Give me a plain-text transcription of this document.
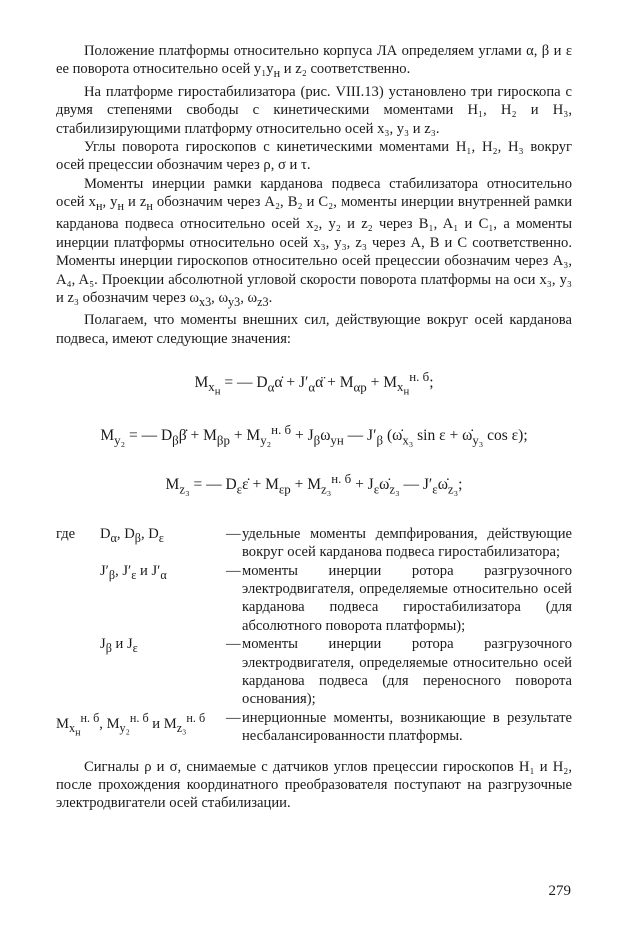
Положение платформы относительно корпуса ЛА определяем углами α, β и ε ее поворота относительно осей $y_1y_н$ и z₂ соответственно.

На платформе гиростабилизатора (рис. VIII.13) установлено три гироскопа с двумя степенями свободы с кинетическими моментами H₁, H₂ и H₃, стабилизирующими платформу относительно осей x₃, y₃ и z₃.

Углы поворота гироскопов с кинетическими моментами H₁, H₂, H₃ вокруг осей прецессии обозначим через ρ, σ и τ.

Моменты инерции рамки карданова подвеса стабилизатора относительно осей $x_н$, $y_н$ и $z_н$ обозначим через A₂, B₂ и C₂, моменты инерции внутренней рамки карданова подвеса относительно осей x₂, y₂ и z₂ через B₁, A₁ и C₁, а моменты инерции платформы относительно осей x₃, y₃, z₃ через A, B и C соответственно. Моменты инерции гироскопов относительно осей прецессии обозначим через A₃, A₄, A₅. Проекции абсолютной угловой скорости поворота платформы на оси x₃, y₃ и z₃ обозначим через $\omega_{x3}$, $\omega_{y3}$, $\omega_{z3}$.

Полагаем, что моменты внешних сил, действующие вокруг осей карданова подвеса, имеют следующие значения:

$M_{x_н}$ = — $D_\alpha\alphȧ$ + $J'_\alpha\alphä + M_{\alpha p} + M_{x_н}^{н. б}$;
$M_{y_2}$ = — $D_\beta\betȧ + M_{\beta p} + M_{y_2}^{н. б} + J_\beta\omega_{yн}$ — $J'_\beta$ ($\omegȧ_{x_3}$ $\sin \varepsilon + \omegȧ_{y_3}$ cos ε);
$M_{z_3}$ = — $D_\varepsilon\varepsiloṅ + M_{\varepsilon p} + M_{z_3}^{н. б}$ + $J_\varepsilon\omegȧ_{z_3}$ — $J'_\varepsilon\omegȧ_{z_3}$;
где	$D_\alpha$, $D_\beta$, $D_\varepsilon$	—	удельные моменты демпфирования, действующие вокруг осей карданова подвеса гиростабилизатора;
	$J'_\beta$, $J'_\varepsilon$ и $J'_\alpha$	—	моменты инерции ротора разгрузочного электродвигателя, определяемые относительно осей карданова подвеса гиростабилизатора (для абсолютного поворота платформы);
	$J_\beta$ и $J_\varepsilon$	—	моменты инерции ротора разгрузочного электродвигателя, определяемые относительно осей карданова подвеса (для переносного поворота основания);
$M_{x_н}^{н. б}$, $M_{y_2}^{н. б}$ и $M_{z_3}^{н. б}$		—	инерционные моменты, возникающие в результате несбалансированности платформы.

Сигналы ρ и σ, снимаемые с датчиков углов прецессии гироскопов H₁ и H₂, после прохождения координатного преобразователя поступают на разгрузочные электродвигатели осей стабилизации.

279
